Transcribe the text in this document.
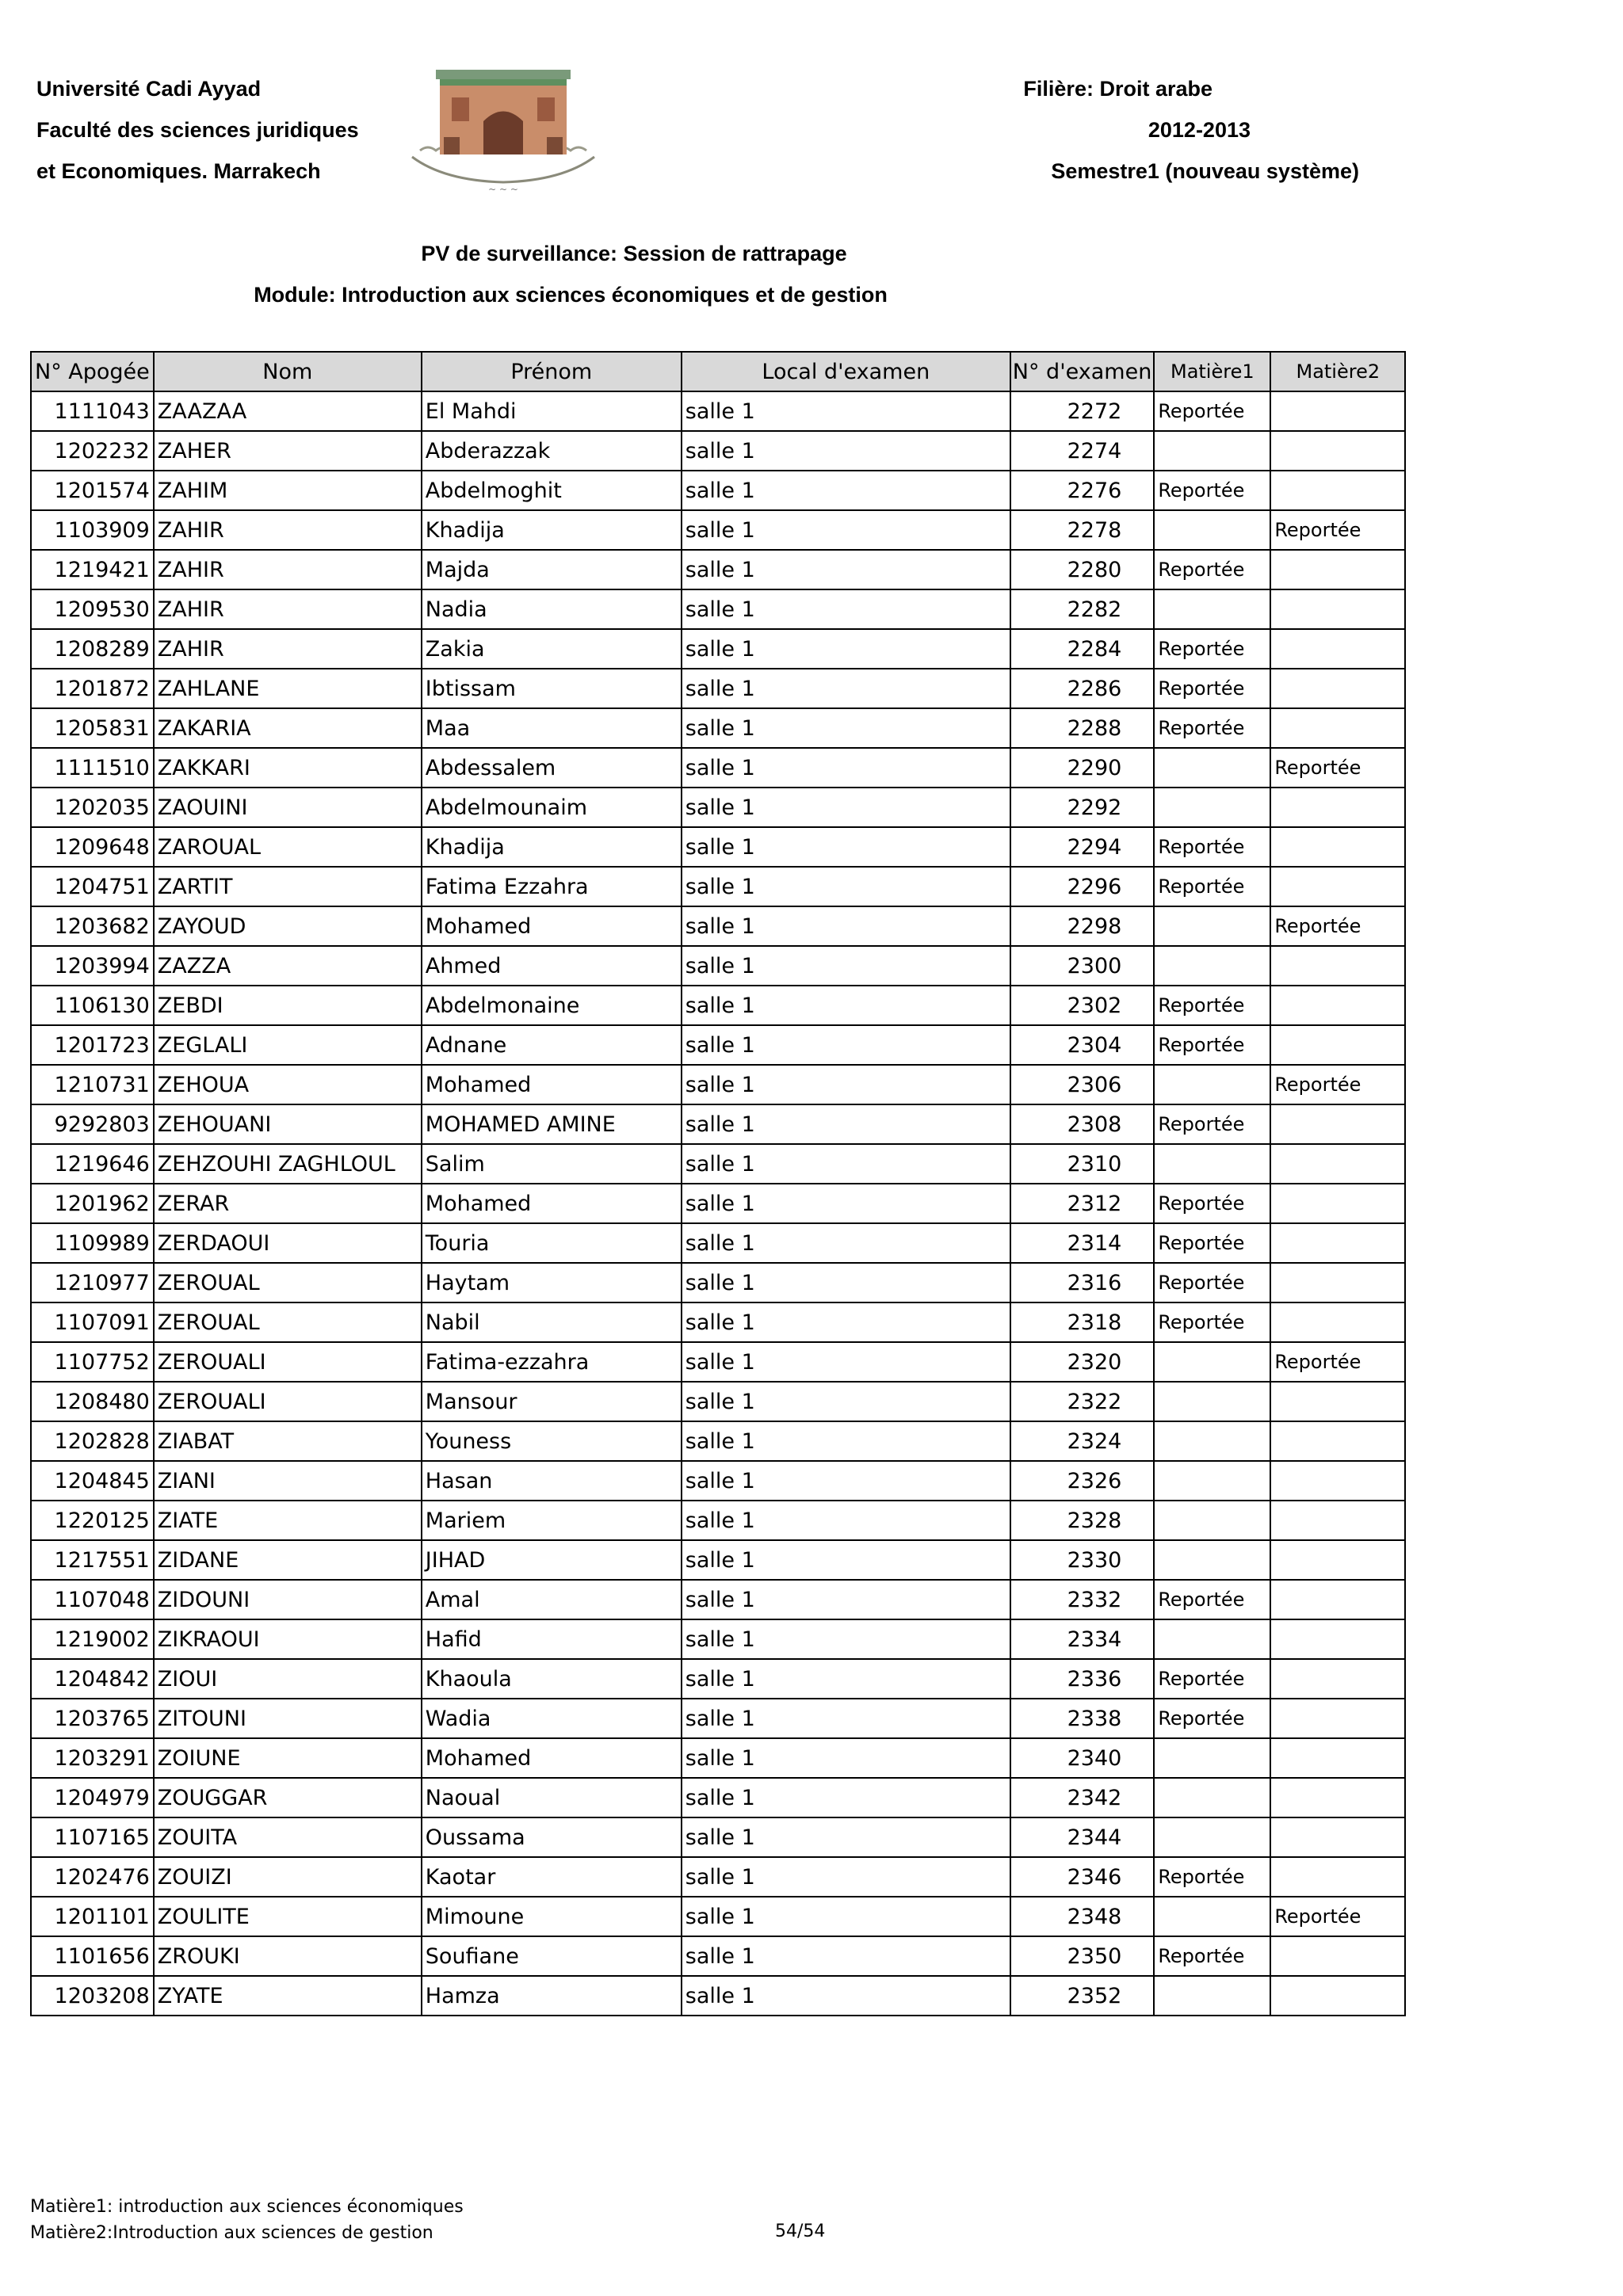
Université Cadi Ayyad
Faculté des sciences juridiques
et Economiques. Marrakech
~ ~ ~
Filière: Droit arabe
2012-2013
Semestre1 (nouveau système)
PV de surveillance: Session de rattrapage
Module: Introduction aux sciences économiques et de gestion
N° Apogée	Nom	Prénom	Local d'examen	N° d'examen	Matière1	Matière2
1111043	ZAAZAA	El Mahdi	salle 1	2272	Reportée	
1202232	ZAHER	Abderazzak	salle 1	2274		
1201574	ZAHIM	Abdelmoghit	salle 1	2276	Reportée	
1103909	ZAHIR	Khadija	salle 1	2278		Reportée
1219421	ZAHIR	Majda	salle 1	2280	Reportée	
1209530	ZAHIR	Nadia	salle 1	2282		
1208289	ZAHIR	Zakia	salle 1	2284	Reportée	
1201872	ZAHLANE	Ibtissam	salle 1	2286	Reportée	
1205831	ZAKARIA	Maa	salle 1	2288	Reportée	
1111510	ZAKKARI	Abdessalem	salle 1	2290		Reportée
1202035	ZAOUINI	Abdelmounaim	salle 1	2292		
1209648	ZAROUAL	Khadija	salle 1	2294	Reportée	
1204751	ZARTIT	Fatima Ezzahra	salle 1	2296	Reportée	
1203682	ZAYOUD	Mohamed	salle 1	2298		Reportée
1203994	ZAZZA	Ahmed	salle 1	2300		
1106130	ZEBDI	Abdelmonaine	salle 1	2302	Reportée	
1201723	ZEGLALI	Adnane	salle 1	2304	Reportée	
1210731	ZEHOUA	Mohamed	salle 1	2306		Reportée
9292803	ZEHOUANI	MOHAMED AMINE	salle 1	2308	Reportée	
1219646	ZEHZOUHI ZAGHLOUL	Salim	salle 1	2310		
1201962	ZERAR	Mohamed	salle 1	2312	Reportée	
1109989	ZERDAOUI	Touria	salle 1	2314	Reportée	
1210977	ZEROUAL	Haytam	salle 1	2316	Reportée	
1107091	ZEROUAL	Nabil	salle 1	2318	Reportée	
1107752	ZEROUALI	Fatima-ezzahra	salle 1	2320		Reportée
1208480	ZEROUALI	Mansour	salle 1	2322		
1202828	ZIABAT	Youness	salle 1	2324		
1204845	ZIANI	Hasan	salle 1	2326		
1220125	ZIATE	Mariem	salle 1	2328		
1217551	ZIDANE	JIHAD	salle 1	2330		
1107048	ZIDOUNI	Amal	salle 1	2332	Reportée	
1219002	ZIKRAOUI	Hafid	salle 1	2334		
1204842	ZIOUI	Khaoula	salle 1	2336	Reportée	
1203765	ZITOUNI	Wadia	salle 1	2338	Reportée	
1203291	ZOIUNE	Mohamed	salle 1	2340		
1204979	ZOUGGAR	Naoual	salle 1	2342		
1107165	ZOUITA	Oussama	salle 1	2344		
1202476	ZOUIZI	Kaotar	salle 1	2346	Reportée	
1201101	ZOULITE	Mimoune	salle 1	2348		Reportée
1101656	ZROUKI	Soufiane	salle 1	2350	Reportée	
1203208	ZYATE	Hamza	salle 1	2352		
Matière1: introduction aux sciences économiques
Matière2:Introduction aux sciences de gestion	54/54
